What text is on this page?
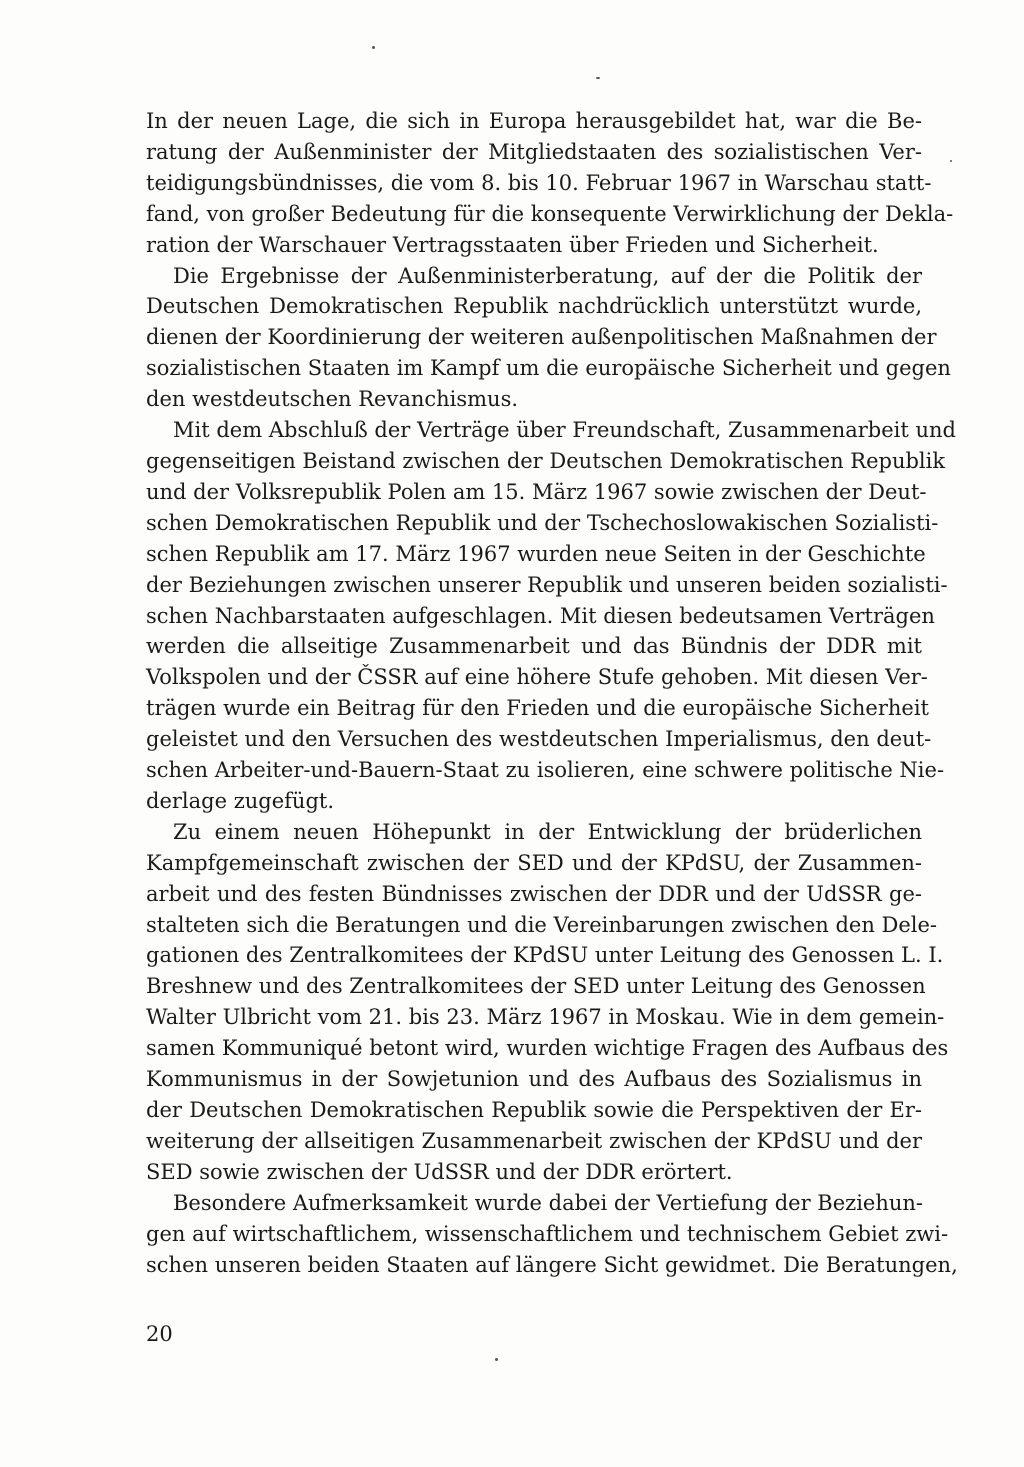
In der neuen Lage, die sich in Europa herausgebildet hat, war die Be-
ratung der Außenminister der Mitgliedstaaten des sozialistischen Ver-
teidigungsbündnisses, die vom 8. bis 10. Februar 1967 in Warschau statt-
fand, von großer Bedeutung für die konsequente Verwirklichung der Dekla-
ration der Warschauer Vertragsstaaten über Frieden und Sicherheit.
Die Ergebnisse der Außenministerberatung, auf der die Politik der
Deutschen Demokratischen Republik nachdrücklich unterstützt wurde,
dienen der Koordinierung der weiteren außenpolitischen Maßnahmen der
sozialistischen Staaten im Kampf um die europäische Sicherheit und gegen
den westdeutschen Revanchismus.
Mit dem Abschluß der Verträge über Freundschaft, Zusammenarbeit und
gegenseitigen Beistand zwischen der Deutschen Demokratischen Republik
und der Volksrepublik Polen am 15. März 1967 sowie zwischen der Deut-
schen Demokratischen Republik und der Tschechoslowakischen Sozialisti-
schen Republik am 17. März 1967 wurden neue Seiten in der Geschichte
der Beziehungen zwischen unserer Republik und unseren beiden sozialisti-
schen Nachbarstaaten aufgeschlagen. Mit diesen bedeutsamen Verträgen
werden die allseitige Zusammenarbeit und das Bündnis der DDR mit
Volkspolen und der ČSSR auf eine höhere Stufe gehoben. Mit diesen Ver-
trägen wurde ein Beitrag für den Frieden und die europäische Sicherheit
geleistet und den Versuchen des westdeutschen Imperialismus, den deut-
schen Arbeiter-und-Bauern-Staat zu isolieren, eine schwere politische Nie-
derlage zugefügt.
Zu einem neuen Höhepunkt in der Entwicklung der brüderlichen
Kampfgemeinschaft zwischen der SED und der KPdSU, der Zusammen-
arbeit und des festen Bündnisses zwischen der DDR und der UdSSR ge-
stalteten sich die Beratungen und die Vereinbarungen zwischen den Dele-
gationen des Zentralkomitees der KPdSU unter Leitung des Genossen L. I.
Breshnew und des Zentralkomitees der SED unter Leitung des Genossen
Walter Ulbricht vom 21. bis 23. März 1967 in Moskau. Wie in dem gemein-
samen Kommuniqué betont wird, wurden wichtige Fragen des Aufbaus des
Kommunismus in der Sowjetunion und des Aufbaus des Sozialismus in
der Deutschen Demokratischen Republik sowie die Perspektiven der Er-
weiterung der allseitigen Zusammenarbeit zwischen der KPdSU und der
SED sowie zwischen der UdSSR und der DDR erörtert.
Besondere Aufmerksamkeit wurde dabei der Vertiefung der Beziehun-
gen auf wirtschaftlichem, wissenschaftlichem und technischem Gebiet zwi-
schen unseren beiden Staaten auf längere Sicht gewidmet. Die Beratungen,
20
